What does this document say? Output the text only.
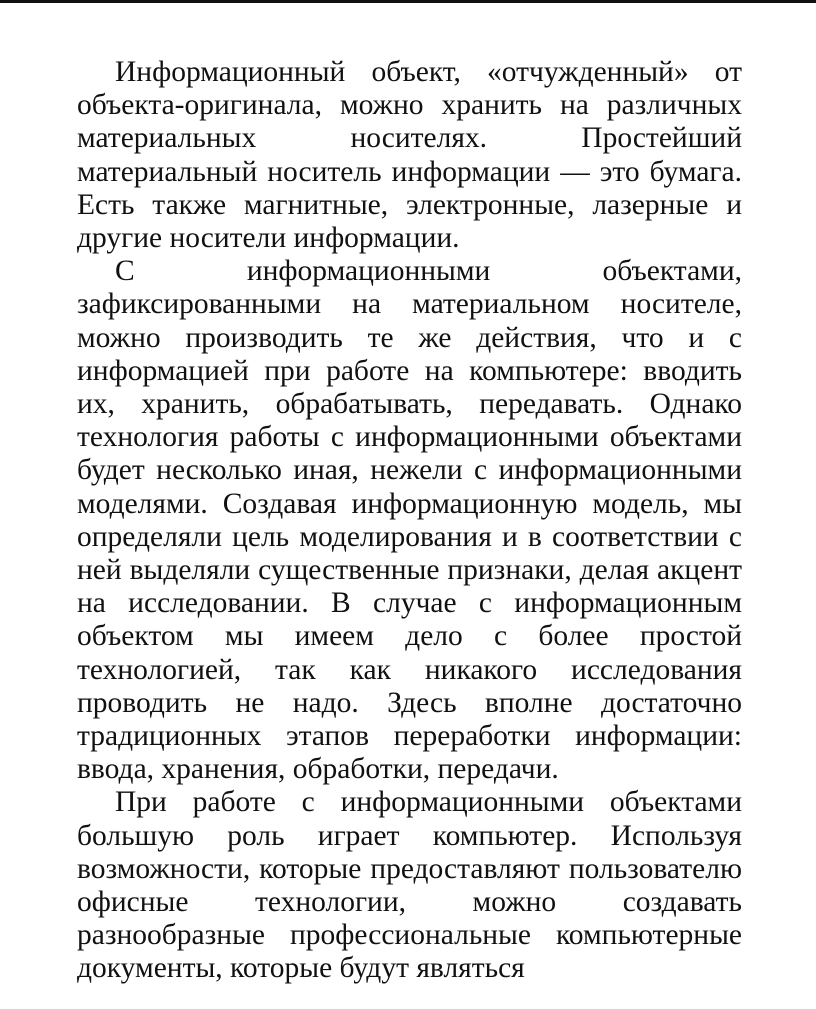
Информационный объект, «отчужденный» от объекта-оригинала, можно хранить на различных материальных носителях. Простейший материальный носитель информации — это бумага. Есть также магнитные, электронные, лазерные и другие носители информации.

С информационными объектами, зафиксированными на материальном носителе, можно производить те же действия, что и с информацией при работе на компьютере: вводить их, хранить, обрабатывать, передавать. Однако технология работы с информационными объектами будет несколько иная, нежели с информационными моделями. Создавая информационную модель, мы определяли цель моделирования и в соответствии с ней выделяли существенные признаки, делая акцент на исследовании. В случае с информационным объектом мы имеем дело с более простой технологией, так как никакого исследования проводить не надо. Здесь вполне достаточно традиционных этапов переработки информации: ввода, хранения, обработки, передачи.

При работе с информационными объектами большую роль играет компьютер. Используя возможности, которые предоставляют пользователю офисные технологии, можно создавать разнообразные профессиональные компьютерные документы, которые будут являться
